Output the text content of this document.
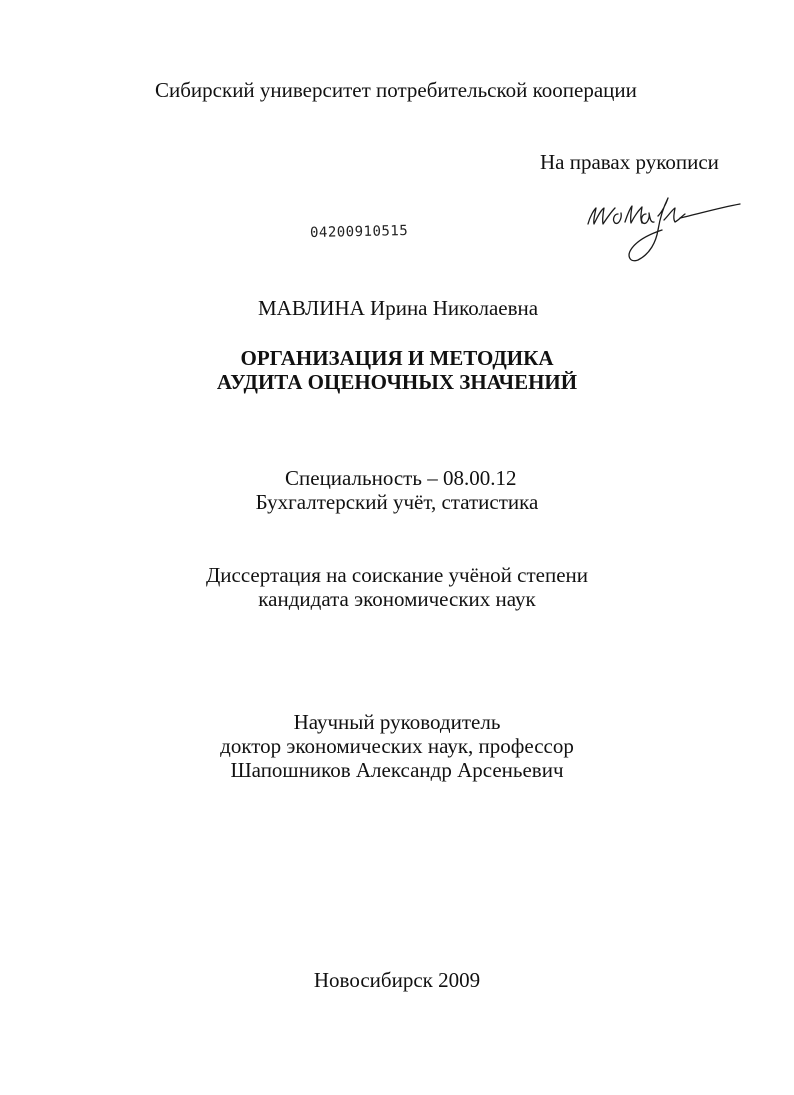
Сибирский университет потребительской кооперации
На правах рукописи
04200910515
МАВЛИНА Ирина Николаевна
ОРГАНИЗАЦИЯ И МЕТОДИКА
АУДИТА ОЦЕНОЧНЫХ ЗНАЧЕНИЙ
Специальность – 08.00.12
Бухгалтерский учёт, статистика
Диссертация на соискание учёной степени
кандидата экономических наук
Научный руководитель
доктор экономических наук, профессор
Шапошников Александр Арсеньевич
Новосибирск 2009
